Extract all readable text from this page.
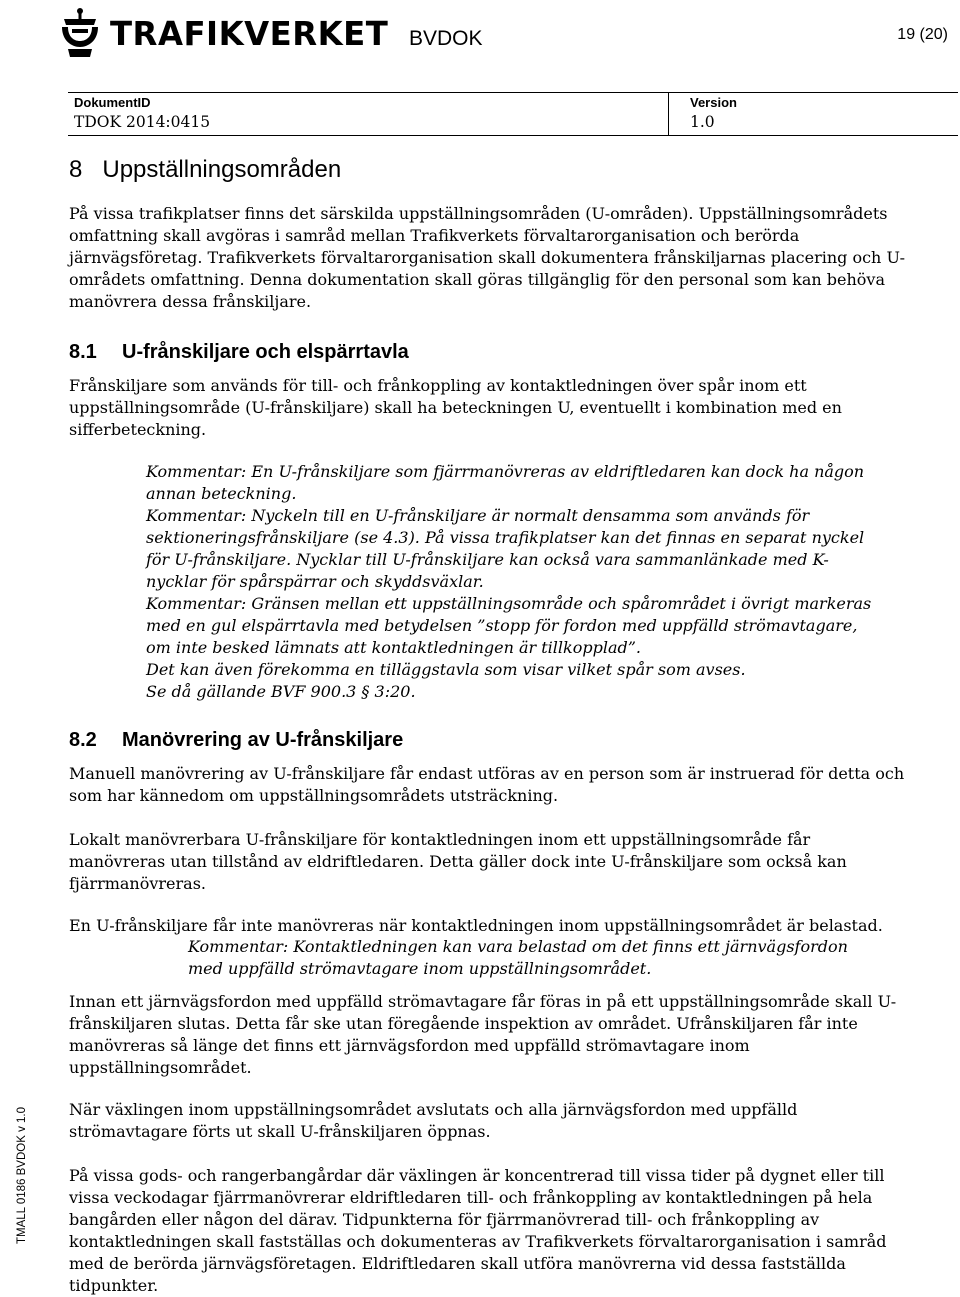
TRAFIKVERKET BVDOK	19 (20)
DokumentID
TDOK 2014:0415
Version
1.0
8 Uppställningsområden

På vissa trafikplatser finns det särskilda uppställningsområden (U-områden). Uppställningsområdets
omfattning skall avgöras i samråd mellan Trafikverkets förvaltarorganisation och berörda
järnvägsföretag. Trafikverkets förvaltarorganisation skall dokumentera frånskiljarnas placering och U-
områdets omfattning. Denna dokumentation skall göras tillgänglig för den personal som kan behöva
manövrera dessa frånskiljare.

8.1 U-frånskiljare och elspärrtavla

Frånskiljare som används för till- och frånkoppling av kontaktledningen över spår inom ett
uppställningsområde (U-frånskiljare) skall ha beteckningen U, eventuellt i kombination med en
sifferbeteckning.

Kommentar: En U-frånskiljare som fjärrmanövreras av eldriftledaren kan dock ha någon
annan beteckning.
Kommentar: Nyckeln till en U-frånskiljare är normalt densamma som används för
sektioneringsfrånskiljare (se 4.3). På vissa trafikplatser kan det finnas en separat nyckel
för U-frånskiljare. Nycklar till U-frånskiljare kan också vara sammanlänkade med K-
nycklar för spårspärrar och skyddsväxlar.
Kommentar: Gränsen mellan ett uppställningsområde och spårområdet i övrigt markeras
med en gul elspärrtavla med betydelsen ”stopp för fordon med uppfälld strömavtagare,
om inte besked lämnats att kontaktledningen är tillkopplad”.
Det kan även förekomma en tilläggstavla som visar vilket spår som avses.
Se då gällande BVF 900.3 § 3:20.

8.2 Manövrering av U-frånskiljare

Manuell manövrering av U-frånskiljare får endast utföras av en person som är instruerad för detta och
som har kännedom om uppställningsområdets utsträckning.

Lokalt manövrerbara U-frånskiljare för kontaktledningen inom ett uppställningsområde får
manövreras utan tillstånd av eldriftledaren. Detta gäller dock inte U-frånskiljare som också kan
fjärrmanövreras.

En U-frånskiljare får inte manövreras när kontaktledningen inom uppställningsområdet är belastad.

Kommentar: Kontaktledningen kan vara belastad om det finns ett järnvägsfordon
med uppfälld strömavtagare inom uppställningsområdet.

Innan ett järnvägsfordon med uppfälld strömavtagare får föras in på ett uppställningsområde skall U-
frånskiljaren slutas. Detta får ske utan föregående inspektion av området. Ufrånskiljaren får inte
manövreras så länge det finns ett järnvägsfordon med uppfälld strömavtagare inom
uppställningsområdet.

När växlingen inom uppställningsområdet avslutats och alla järnvägsfordon med uppfälld
strömavtagare förts ut skall U-frånskiljaren öppnas.

På vissa gods- och rangerbangårdar där växlingen är koncentrerad till vissa tider på dygnet eller till
vissa veckodagar fjärrmanövrerar eldriftledaren till- och frånkoppling av kontaktledningen på hela
bangården eller någon del därav. Tidpunkterna för fjärrmanövrerad till- och frånkoppling av
kontaktledningen skall fastställas och dokumenteras av Trafikverkets förvaltarorganisation i samråd
med de berörda järnvägsföretagen. Eldriftledaren skall utföra manövrerna vid dessa fastställda
tidpunkter.

TMALL 0186 BVDOK v 1.0
